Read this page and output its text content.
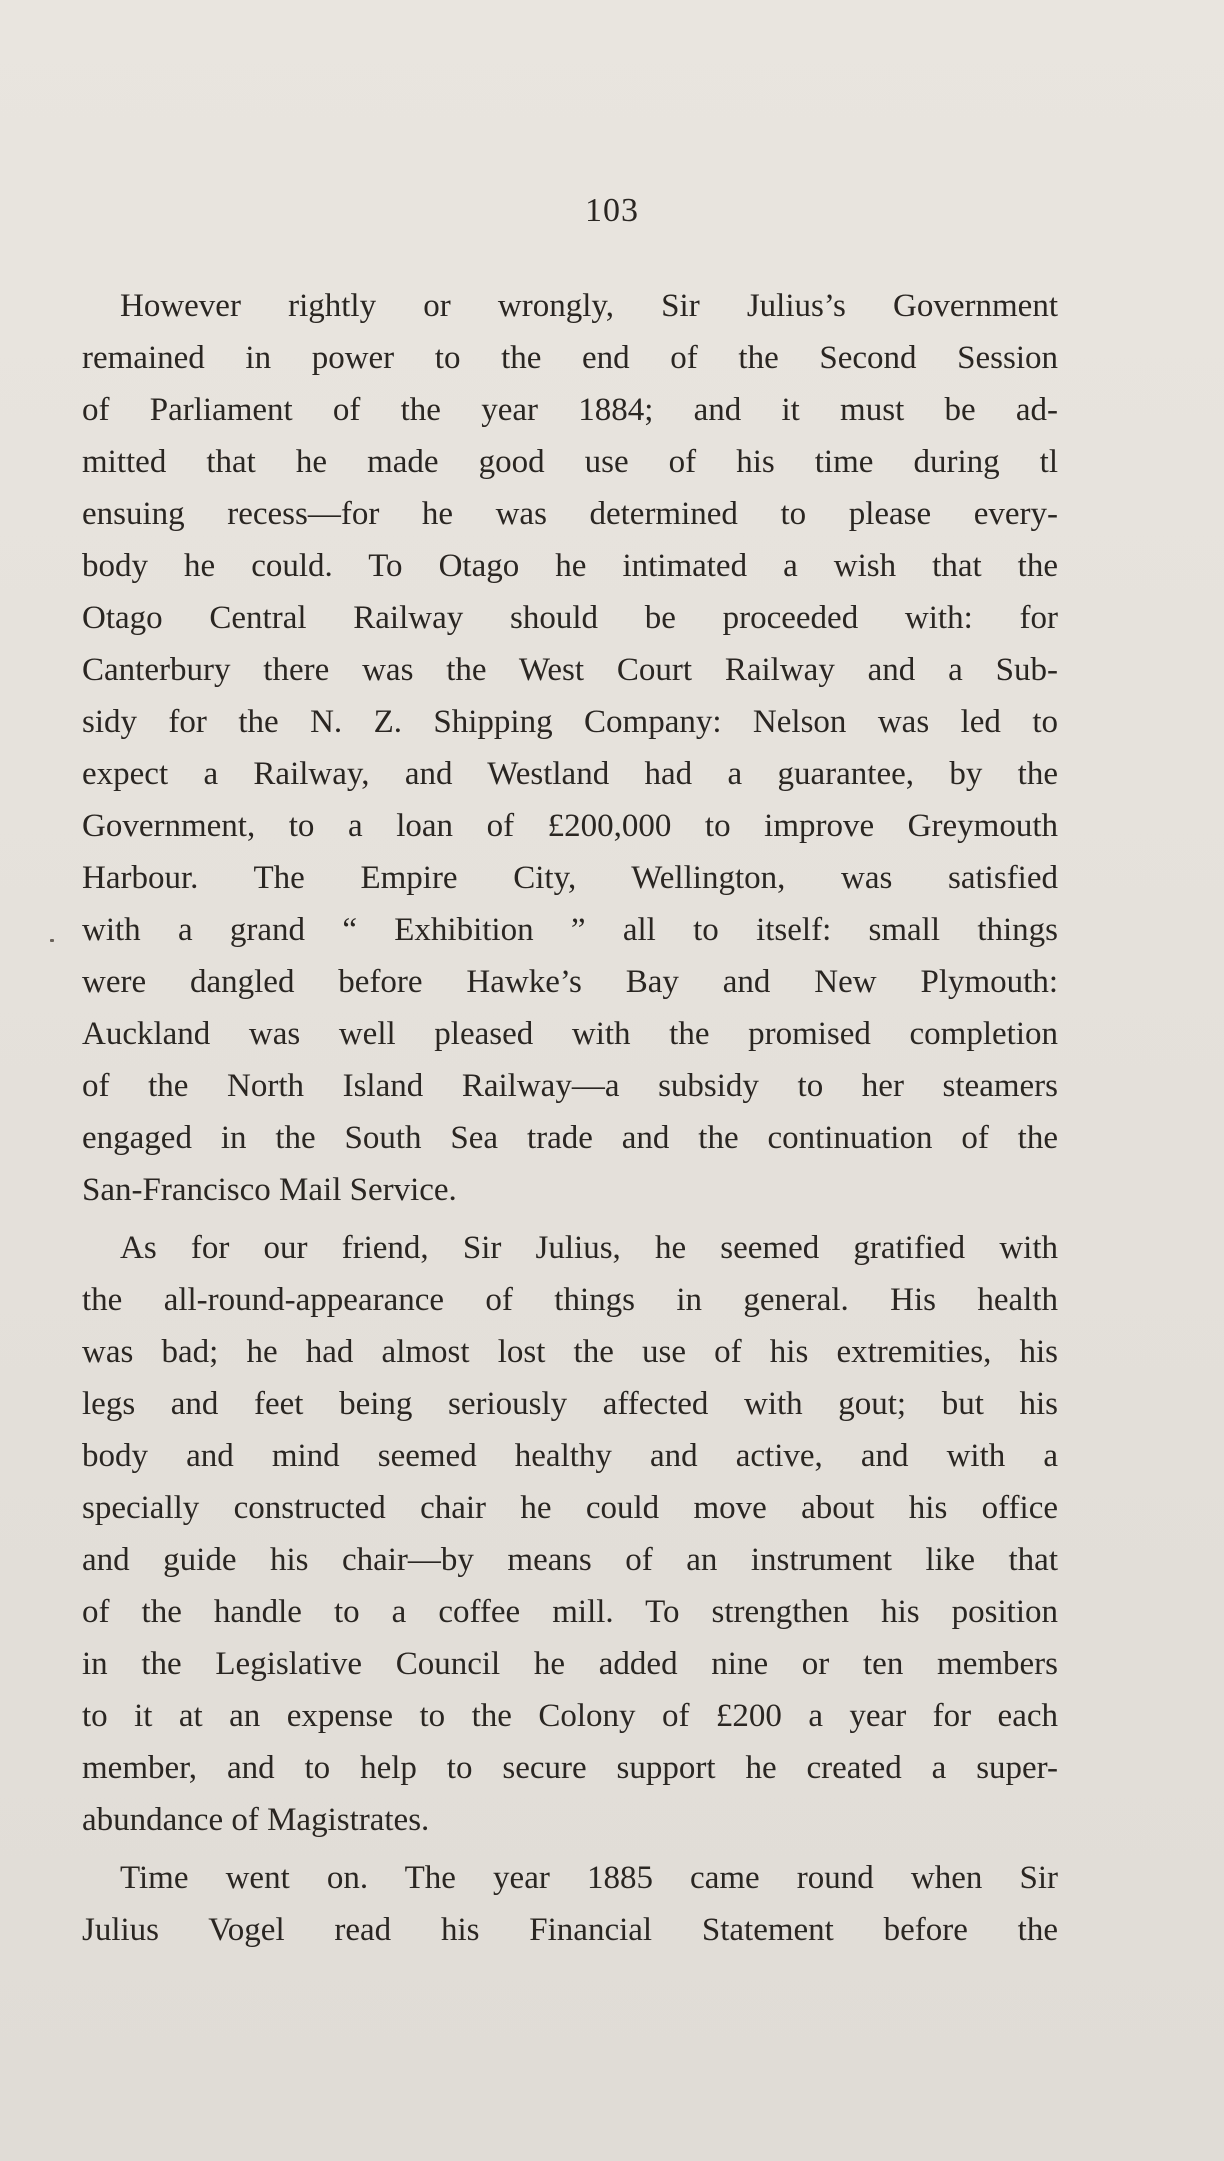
103
However rightly or wrongly, Sir Julius’s Government
remained in power to the end of the Second Session
of Parliament of the year 1884; and it must be ad-
mitted that he made good use of his time during tl
ensuing recess—for he was determined to please every-
body he could. To Otago he intimated a wish that the
Otago Central Railway should be proceeded with: for
Canterbury there was the West Court Railway and a Sub-
sidy for the N. Z. Shipping Company: Nelson was led to
expect a Railway, and Westland had a guarantee, by the
Government, to a loan of £200,000 to improve Greymouth
Harbour. The Empire City, Wellington, was satisfied
with a grand “ Exhibition ” all to itself: small things
were dangled before Hawke’s Bay and New Plymouth:
Auckland was well pleased with the promised completion
of the North Island Railway—a subsidy to her steamers
engaged in the South Sea trade and the continuation of the
San-Francisco Mail Service.
As for our friend, Sir Julius, he seemed gratified with
the all-round-appearance of things in general. His health
was bad; he had almost lost the use of his extremities, his
legs and feet being seriously affected with gout; but his
body and mind seemed healthy and active, and with a
specially constructed chair he could move about his office
and guide his chair—by means of an instrument like that
of the handle to a coffee mill. To strengthen his position
in the Legislative Council he added nine or ten members
to it at an expense to the Colony of £200 a year for each
member, and to help to secure support he created a super-
abundance of Magistrates.
Time went on. The year 1885 came round when Sir
Julius Vogel read his Financial Statement before the
